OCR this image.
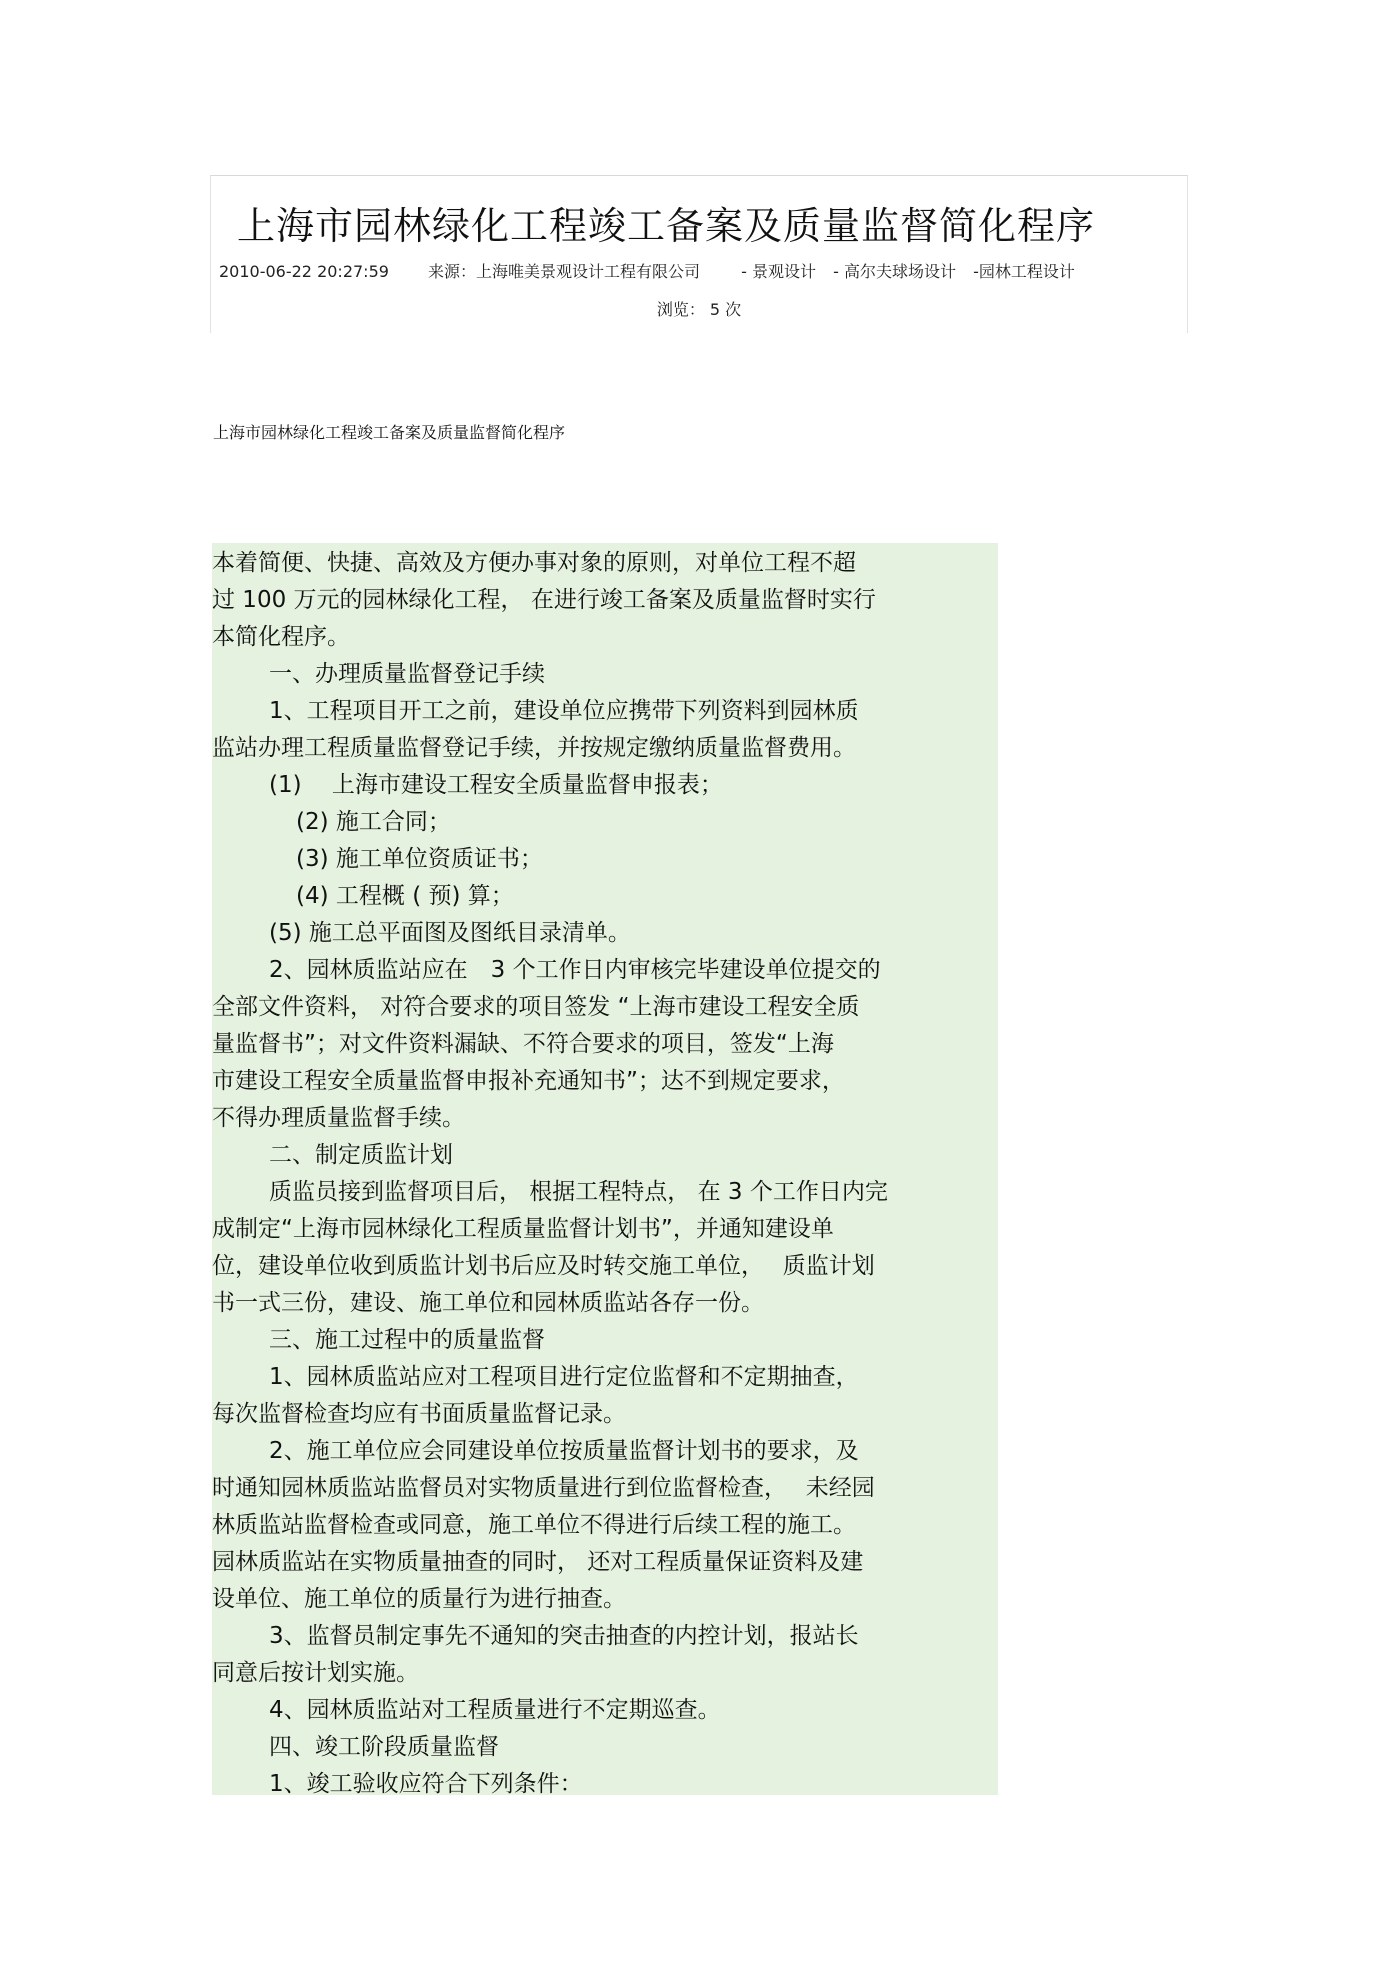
上海市园林绿化工程竣工备案及质量监督简化程序
2010-06-22 20:27:59 来源：上海唯美景观设计工程有限公司	- 景观设计 - 高尔夫球场设计 -园林工程设计
浏览： 5 次
上海市园林绿化工程竣工备案及质量监督简化程序
本着简便、快捷、高效及方便办事对象的原则，对单位工程不超
过 100 万元的园林绿化工程， 在进行竣工备案及质量监督时实行
本简化程序。
一、办理质量监督登记手续
1、工程项目开工之前，建设单位应携带下列资料到园林质
监站办理工程质量监督登记手续，并按规定缴纳质量监督费用。
(1)　 上海市建设工程安全质量监督申报表；
(2) 施工合同；
(3) 施工单位资质证书；
(4) 工程概 ( 预) 算；
(5) 施工总平面图及图纸目录清单。
2、园林质监站应在　3 个工作日内审核完毕建设单位提交的
全部文件资料， 对符合要求的项目签发 “上海市建设工程安全质
量监督书”；对文件资料漏缺、不符合要求的项目，签发“上海
市建设工程安全质量监督申报补充通知书”；达不到规定要求，
不得办理质量监督手续。
二、制定质监计划
质监员接到监督项目后， 根据工程特点， 在 3 个工作日内完
成制定“上海市园林绿化工程质量监督计划书”，并通知建设单
位，建设单位收到质监计划书后应及时转交施工单位，　 质监计划
书一式三份，建设、施工单位和园林质监站各存一份。
三、施工过程中的质量监督
1、园林质监站应对工程项目进行定位监督和不定期抽查，
每次监督检查均应有书面质量监督记录。
2、施工单位应会同建设单位按质量监督计划书的要求，及
时通知园林质监站监督员对实物质量进行到位监督检查，　 未经园
林质监站监督检查或同意，施工单位不得进行后续工程的施工。
园林质监站在实物质量抽查的同时， 还对工程质量保证资料及建
设单位、施工单位的质量行为进行抽查。
3、监督员制定事先不通知的突击抽查的内控计划，报站长
同意后按计划实施。
4、园林质监站对工程质量进行不定期巡查。
四、竣工阶段质量监督
1、竣工验收应符合下列条件：
